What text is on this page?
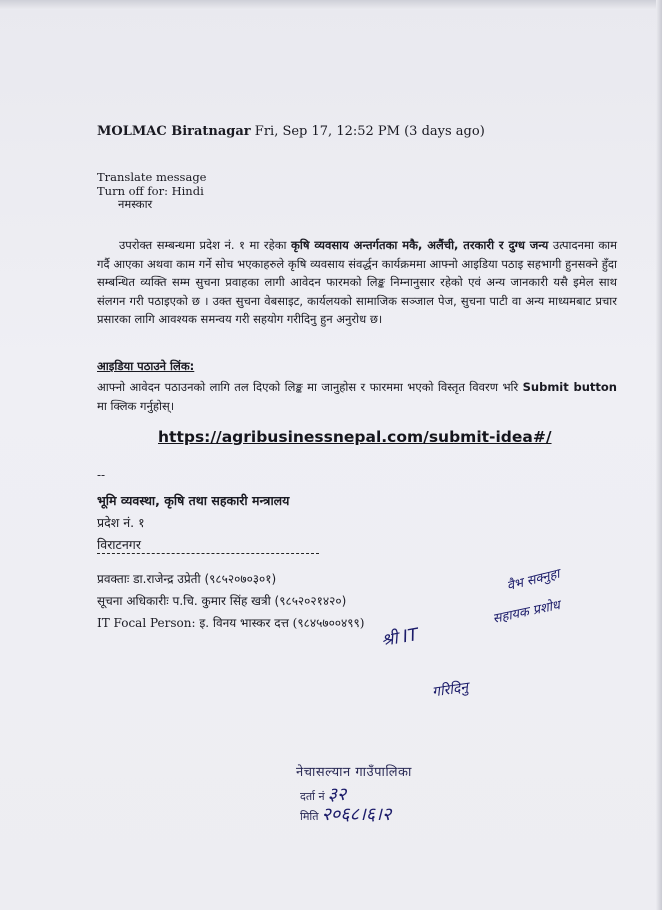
MOLMAC Biratnagar Fri, Sep 17, 12:52 PM (3 days ago)
Translate message
Turn off for: Hindi
नमस्कार
उपरोक्त सम्बन्धमा प्रदेश नं. १ मा रहेका कृषि व्यवसाय अन्तर्गतका मकै, अलैंची, तरकारी र दुग्ध जन्य उत्पादनमा काम गर्दै आएका अथवा काम गर्ने सोच भएकाहरुले कृषि व्यवसाय संवर्द्धन कार्यक्रममा आफ्नो आइडिया पठाइ सहभागी हुनसक्ने हुँदा सम्बन्धित व्यक्ति सम्म सुचना प्रवाहका लागी आवेदन फारमको लिङ्क निम्नानुसार रहेको एवं अन्य जानकारी यसै इमेल साथ संलगन गरी पठाइएको छ । उक्त सुचना वेबसाइट, कार्यलयको सामाजिक सञ्जाल पेज, सुचना पाटी वा अन्य माध्यमबाट प्रचार प्रसारका लागि आवश्यक समन्वय गरी सहयोग गरीदिनु हुन अनुरोध छ।
आइडिया पठाउने लिंक:
आफ्नो आवेदन पठाउनको लागि तल दिएको लिङ्क मा जानुहोस र फारममा भएको विस्तृत विवरण भरि Submit button मा क्लिक गर्नुहोस्।
https://agribusinessnepal.com/submit-idea#/
--
भूमि व्यवस्था, कृषि तथा सहकारी मन्त्रालय
प्रदेश नं. १
विराटनगर
प्रवक्ताः डा.राजेन्द्र उप्रेती (९८५२०७०३०१)
सूचना अधिकारीः प.चि. कुमार सिंह खत्री (९८५२०२१४२०)
IT Focal Person: इ. विनय भास्कर दत्त (९८४५७००४९९)
वैभ सक्नुहा
श्री IT
सहायक प्रशोध
गरिदिनु
नेचासल्यान गाउँपालिका
दर्ता नं ३२
मिति २०६८।६।२
